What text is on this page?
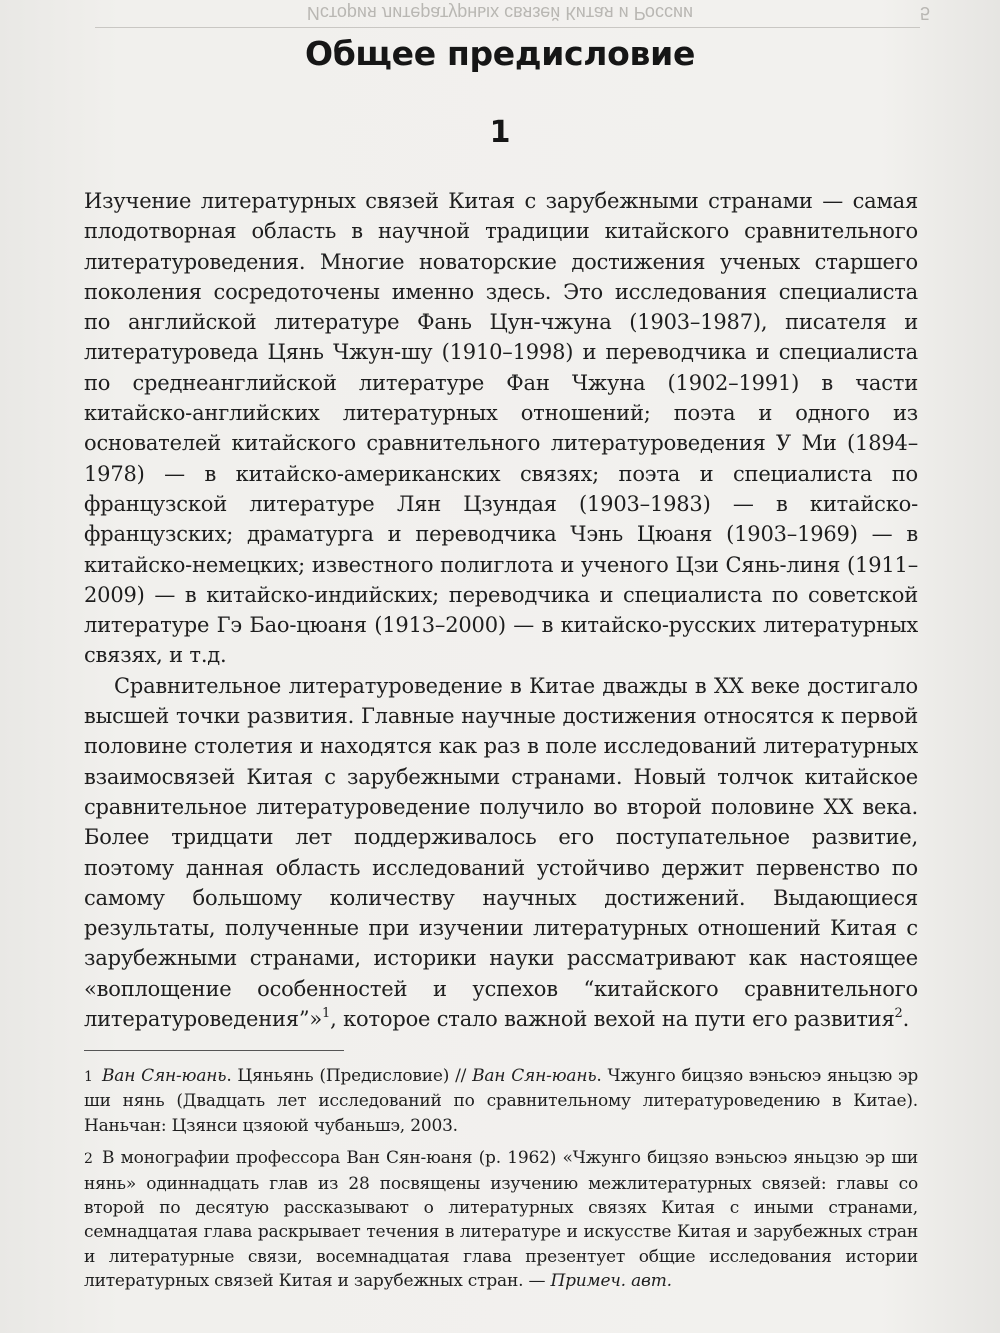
История литературных связей Китая и России	5
Общее предисловие
1

Изучение литературных связей Китая с зарубежными странами — самая плодотворная область в научной традиции китайского сравнительного литературоведения. Многие новаторские достижения ученых старшего поколения сосредоточены именно здесь. Это исследования специалиста по английской литературе Фань Цун-чжуна (1903–1987), писателя и литературоведа Цянь Чжун-шу (1910–1998) и переводчика и специалиста по среднеанглийской литературе Фан Чжуна (1902–1991) в части китайско-английских литературных отношений; поэта и одного из основателей китайского сравнительного литературоведения У Ми (1894–1978) — в китайско-американских связях; поэта и специалиста по французской литературе Лян Цзундая (1903–1983) — в китайско-французских; драматурга и переводчика Чэнь Цюаня (1903–1969) — в китайско-немецких; известного полиглота и ученого Цзи Сянь-линя (1911–2009) — в китайско-индийских; переводчика и специалиста по советской литературе Гэ Бао-цюаня (1913–2000) — в китайско-русских литературных связях, и т.д.

Сравнительное литературоведение в Китае дважды в XX веке достигало высшей точки развития. Главные научные достижения относятся к первой половине столетия и находятся как раз в поле исследований литературных взаимосвязей Китая с зарубежными странами. Новый толчок китайское сравнительное литературоведение получило во второй половине XX века. Более тридцати лет поддерживалось его поступательное развитие, поэтому данная область исследований устойчиво держит первенство по самому большому количеству научных достижений. Выдающиеся результаты, полученные при изучении литературных отношений Китая с зарубежными странами, историки науки рассматривают как настоящее «воплощение особенностей и успехов “китайского сравнительного литературоведения”»$^1$, которое стало важной вехой на пути его развития$^2$.

1 Ван Сян-юань. Цяньянь (Предисловие) // Ван Сян-юань. Чжунго бицзяо вэньсюэ яньцзю эр ши нянь (Двадцать лет исследований по сравнительному литературоведению в Китае). Наньчан: Цзянси цзяоюй чубаньшэ, 2003.

2 В монографии профессора Ван Сян-юаня (р. 1962) «Чжунго бицзяо вэньсюэ яньцзю эр ши нянь» одиннадцать глав из 28 посвящены изучению межлитературных связей: главы со второй по десятую рассказывают о литературных связях Китая с иными странами, семнадцатая глава раскрывает течения в литературе и искусстве Китая и зарубежных стран и литературные связи, восемнадцатая глава презентует общие исследования истории литературных связей Китая и зарубежных стран. — Примеч. авт.
